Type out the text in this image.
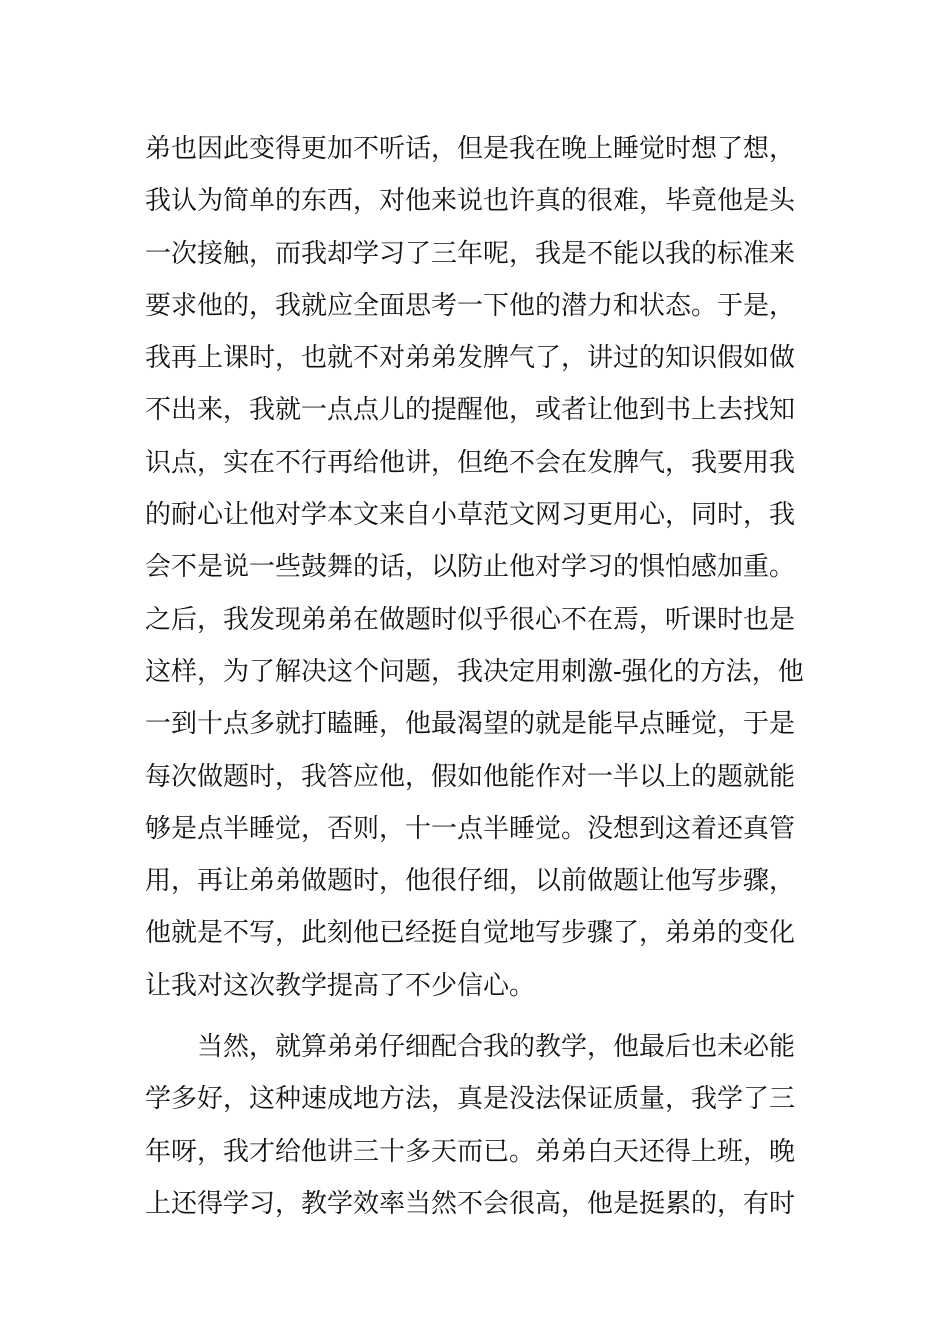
弟也因此变得更加不听话，但是我在晚上睡觉时想了想，
我认为简单的东西，对他来说也许真的很难，毕竟他是头
一次接触，而我却学习了三年呢，我是不能以我的标准来
要求他的，我就应全面思考一下他的潜力和状态。于是，
我再上课时，也就不对弟弟发脾气了，讲过的知识假如做
不出来，我就一点点儿的提醒他，或者让他到书上去找知
识点，实在不行再给他讲，但绝不会在发脾气，我要用我
的耐心让他对学本文来自小草范文网习更用心，同时，我
会不是说一些鼓舞的话，以防止他对学习的惧怕感加重。
之后，我发现弟弟在做题时似乎很心不在焉，听课时也是
这样，为了解决这个问题，我决定用刺激-强化的方法，他
一到十点多就打瞌睡，他最渴望的就是能早点睡觉，于是
每次做题时，我答应他，假如他能作对一半以上的题就能
够是点半睡觉，否则，十一点半睡觉。没想到这着还真管
用，再让弟弟做题时，他很仔细，以前做题让他写步骤，
他就是不写，此刻他已经挺自觉地写步骤了，弟弟的变化
让我对这次教学提高了不少信心。

　　当然，就算弟弟仔细配合我的教学，他最后也未必能
学多好，这种速成地方法，真是没法保证质量，我学了三
年呀，我才给他讲三十多天而已。弟弟白天还得上班，晚
上还得学习，教学效率当然不会很高，他是挺累的，有时
